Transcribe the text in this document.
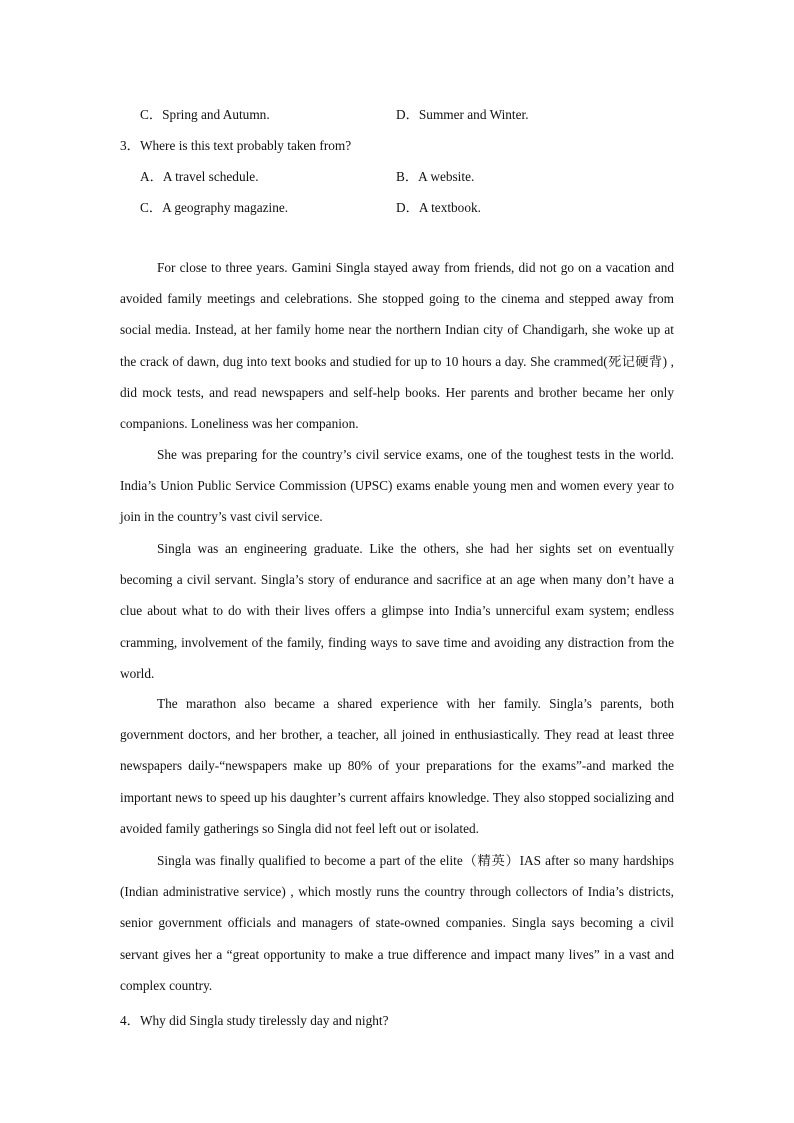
C．Spring and Autumn.	D．Summer and Winter.
3．Where is this text probably taken from?
A．A travel schedule.	B．A website.
C．A geography magazine.	D．A textbook.

For close to three years. Gamini Singla stayed away from friends, did not go on a vacation and avoided family meetings and celebrations. She stopped going to the cinema and stepped away from social media. Instead, at her family home near the northern Indian city of Chandigarh, she woke up at the crack of dawn, dug into text books and studied for up to 10 hours a day. She crammed(死记硬背) , did mock tests, and read newspapers and self-help books. Her parents and brother became her only companions. Loneliness was her companion.

She was preparing for the country’s civil service exams, one of the toughest tests in the world. India’s Union Public Service Commission (UPSC) exams enable young men and women every year to join in the country’s vast civil service.

Singla was an engineering graduate. Like the others, she had her sights set on eventually becoming a civil servant. Singla’s story of endurance and sacrifice at an age when many don’t have a clue about what to do with their lives offers a glimpse into India’s unnerciful exam system; endless cramming, involvement of the family, finding ways to save time and avoiding any distraction from the world.

The marathon also became a shared experience with her family. Singla’s parents, both government doctors, and her brother, a teacher, all joined in enthusiastically. They read at least three newspapers daily-“newspapers make up 80% of your preparations for the exams”-and marked the important news to speed up his daughter’s current affairs knowledge. They also stopped socializing and avoided family gatherings so Singla did not feel left out or isolated.

Singla was finally qualified to become a part of the elite（精英）IAS after so many hardships (Indian administrative service) , which mostly runs the country through collectors of India’s districts, senior government officials and managers of state-owned companies. Singla says becoming a civil servant gives her a “great opportunity to make a true difference and impact many lives” in a vast and complex country.

4．Why did Singla study tirelessly day and night?
